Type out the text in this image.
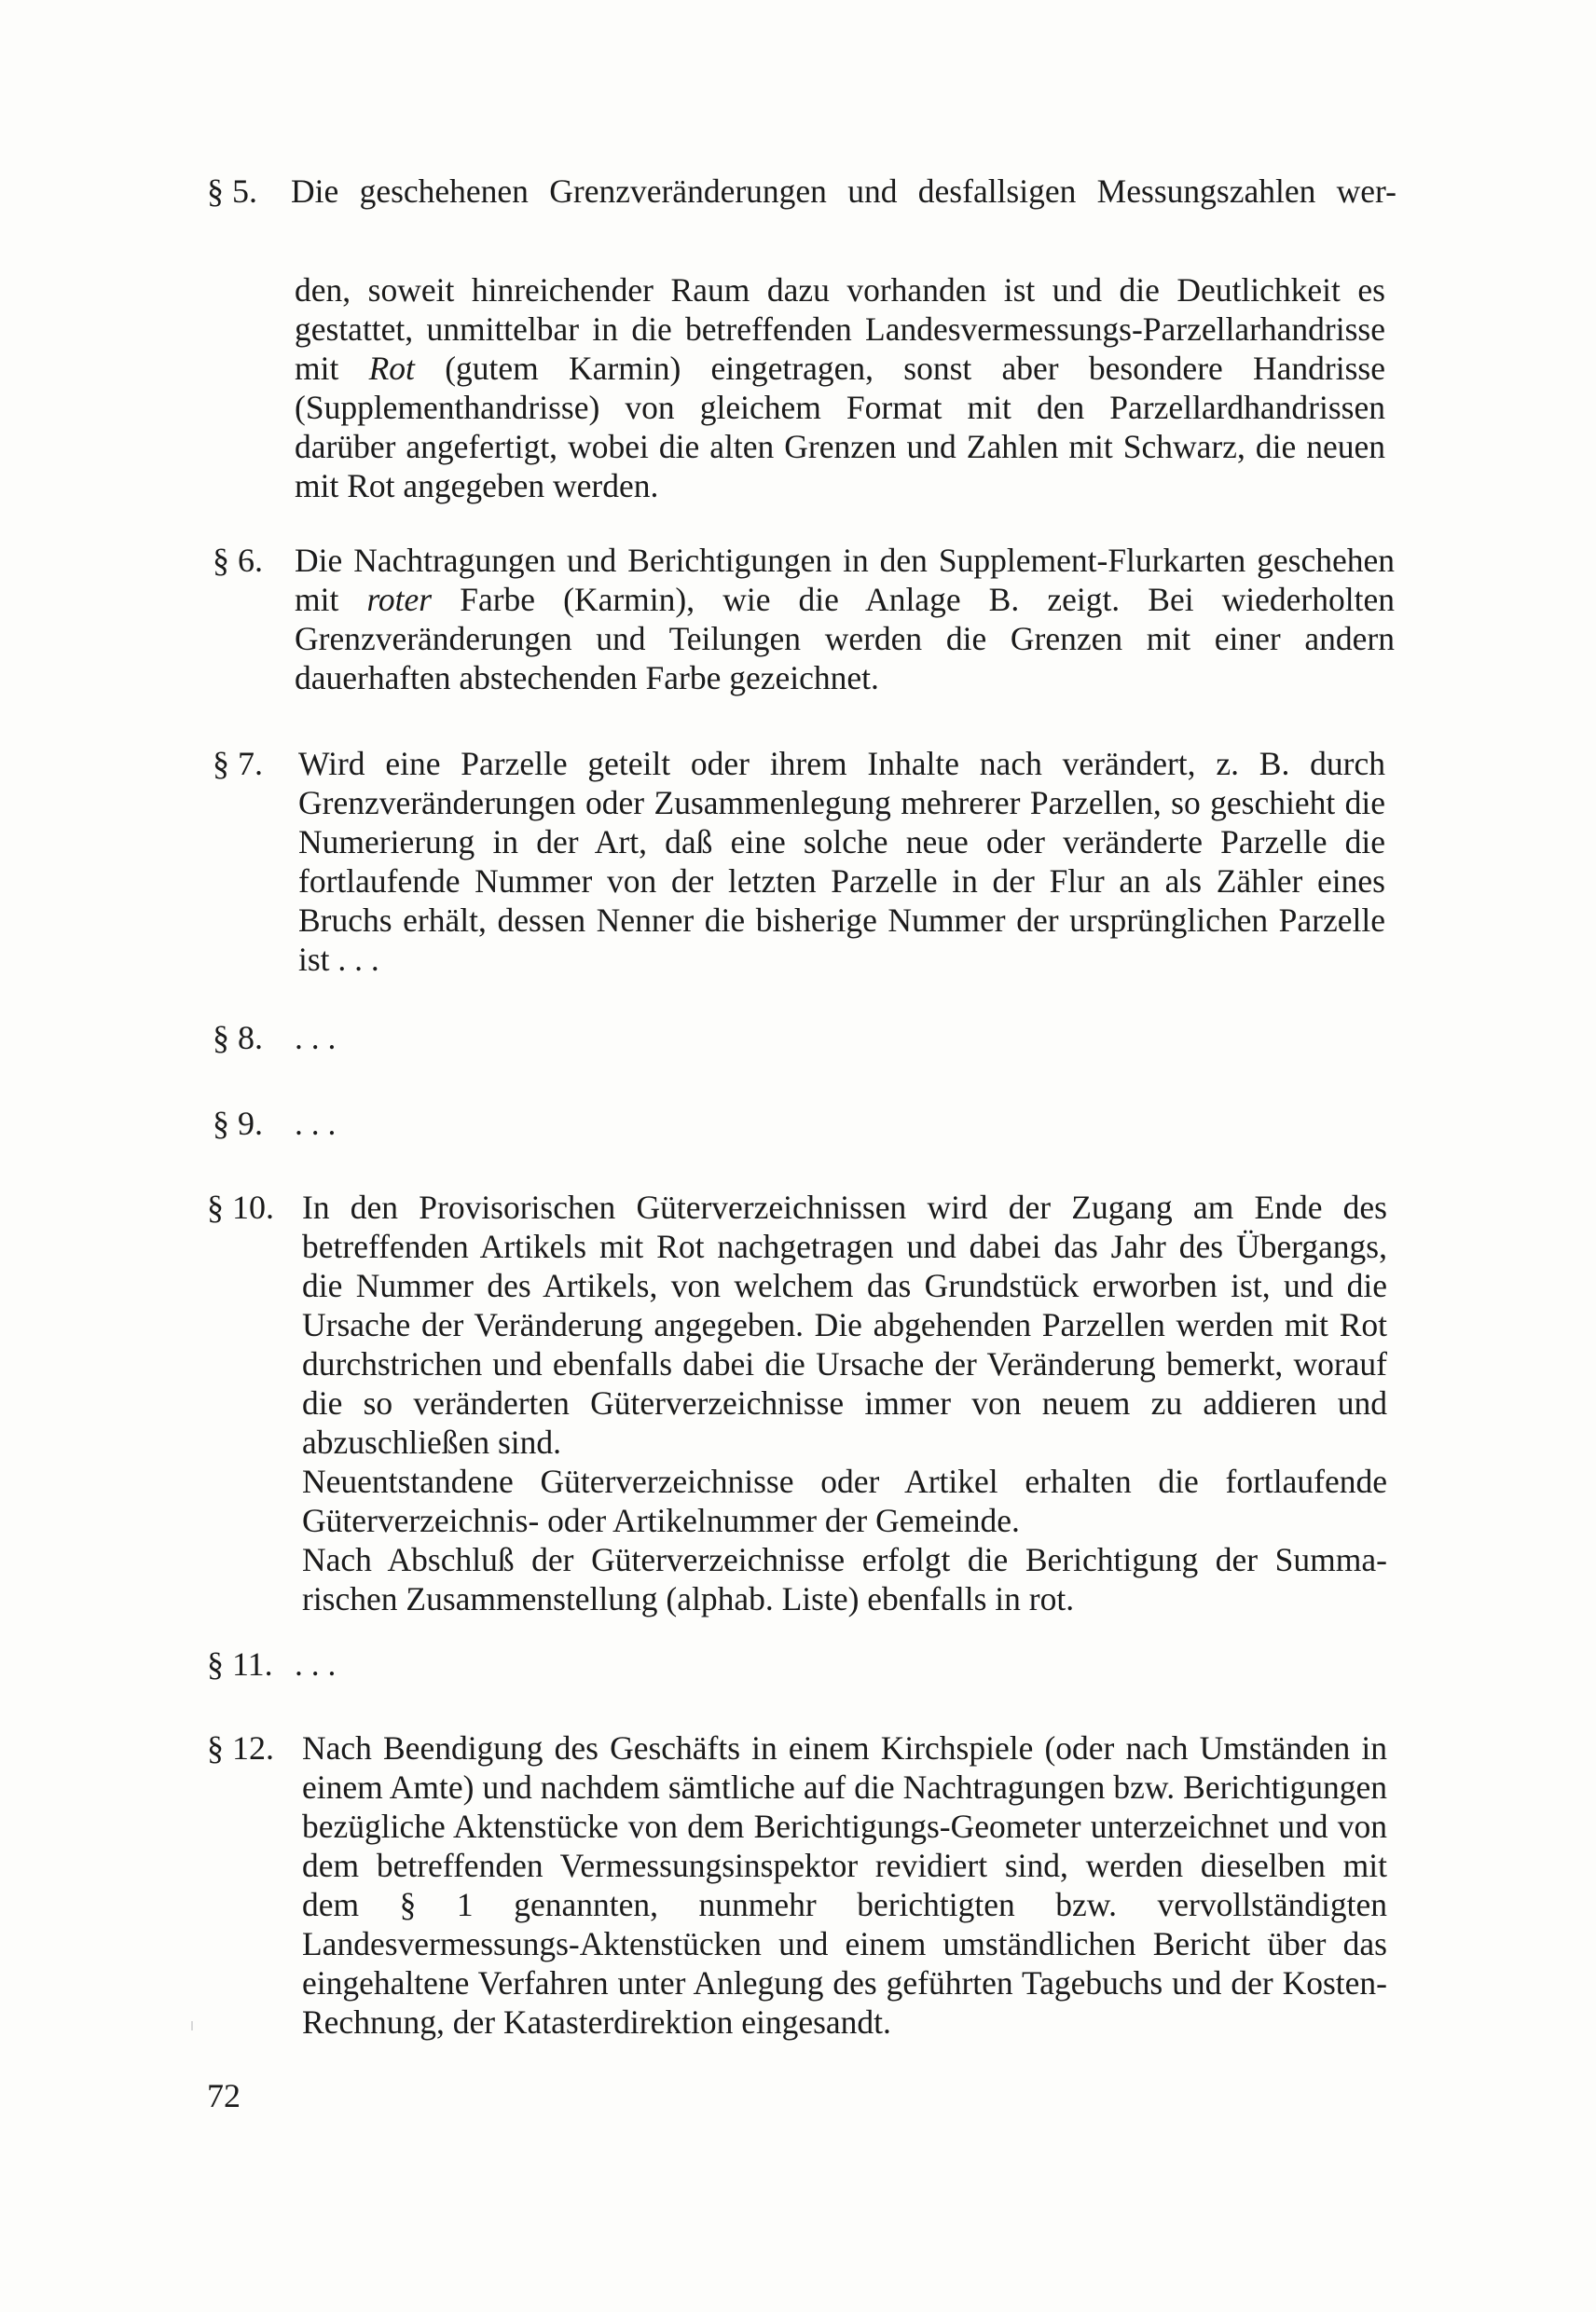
§ 5. Die geschehenen Grenzveränderungen und desfallsigen Messungszahlen wer-
den, soweit hinreichender Raum dazu vorhanden ist und die Deutlichkeit es gestattet, unmittelbar in die betreffenden Landesvermessungs-Parzellarhandrisse mit Rot (gutem Karmin) eingetragen, sonst aber besondere Handrisse (Supplementhandrisse) von gleichem Format mit den Parzellardhandrissen darüber angefertigt, wobei die alten Grenzen und Zahlen mit Schwarz, die neuen mit Rot angegeben werden.
§ 6. Die Nachtragungen und Berichtigungen in den Supplement-Flurkarten geschehen mit roter Farbe (Karmin), wie die Anlage B. zeigt. Bei wiederholten Grenzveränderungen und Teilungen werden die Grenzen mit einer andern dauerhaften abstechenden Farbe gezeichnet.
§ 7. Wird eine Parzelle geteilt oder ihrem Inhalte nach verändert, z. B. durch Grenzveränderungen oder Zusammenlegung mehrerer Parzellen, so geschieht die Numerierung in der Art, daß eine solche neue oder veränderte Parzelle die fortlaufende Nummer von der letzten Parzelle in der Flur an als Zähler eines Bruchs erhält, dessen Nenner die bisherige Nummer der ursprünglichen Parzelle ist . . .
§ 8. . . .
§ 9. . . .
§ 10. In den Provisorischen Güterverzeichnissen wird der Zugang am Ende des betreffenden Artikels mit Rot nachgetragen und dabei das Jahr des Übergangs, die Nummer des Artikels, von welchem das Grundstück erworben ist, und die Ursache der Veränderung angegeben. Die abgehenden Parzellen werden mit Rot durchstrichen und ebenfalls dabei die Ursache der Veränderung bemerkt, worauf die so veränderten Güterverzeichnisse immer von neuem zu addieren und abzuschließen sind.
Neuentstandene Güterverzeichnisse oder Artikel erhalten die fortlaufende Güterverzeichnis- oder Artikelnummer der Gemeinde.
Nach Abschluß der Güterverzeichnisse erfolgt die Berichtigung der Summarischen Zusammenstellung (alphab. Liste) ebenfalls in rot.
§ 11. . . .
§ 12. Nach Beendigung des Geschäfts in einem Kirchspiele (oder nach Umständen in einem Amte) und nachdem sämtliche auf die Nachtragungen bzw. Berichtigungen bezügliche Aktenstücke von dem Berichtigungs-Geometer unterzeichnet und von dem betreffenden Vermessungsinspektor revidiert sind, werden dieselben mit dem § 1 genannten, nunmehr berichtigten bzw. vervollständigten Landesvermessungs-Aktenstücken und einem umständlichen Bericht über das eingehaltene Verfahren unter Anlegung des geführten Tagebuchs und der Kosten-Rechnung, der Katasterdirektion eingesandt.
72
